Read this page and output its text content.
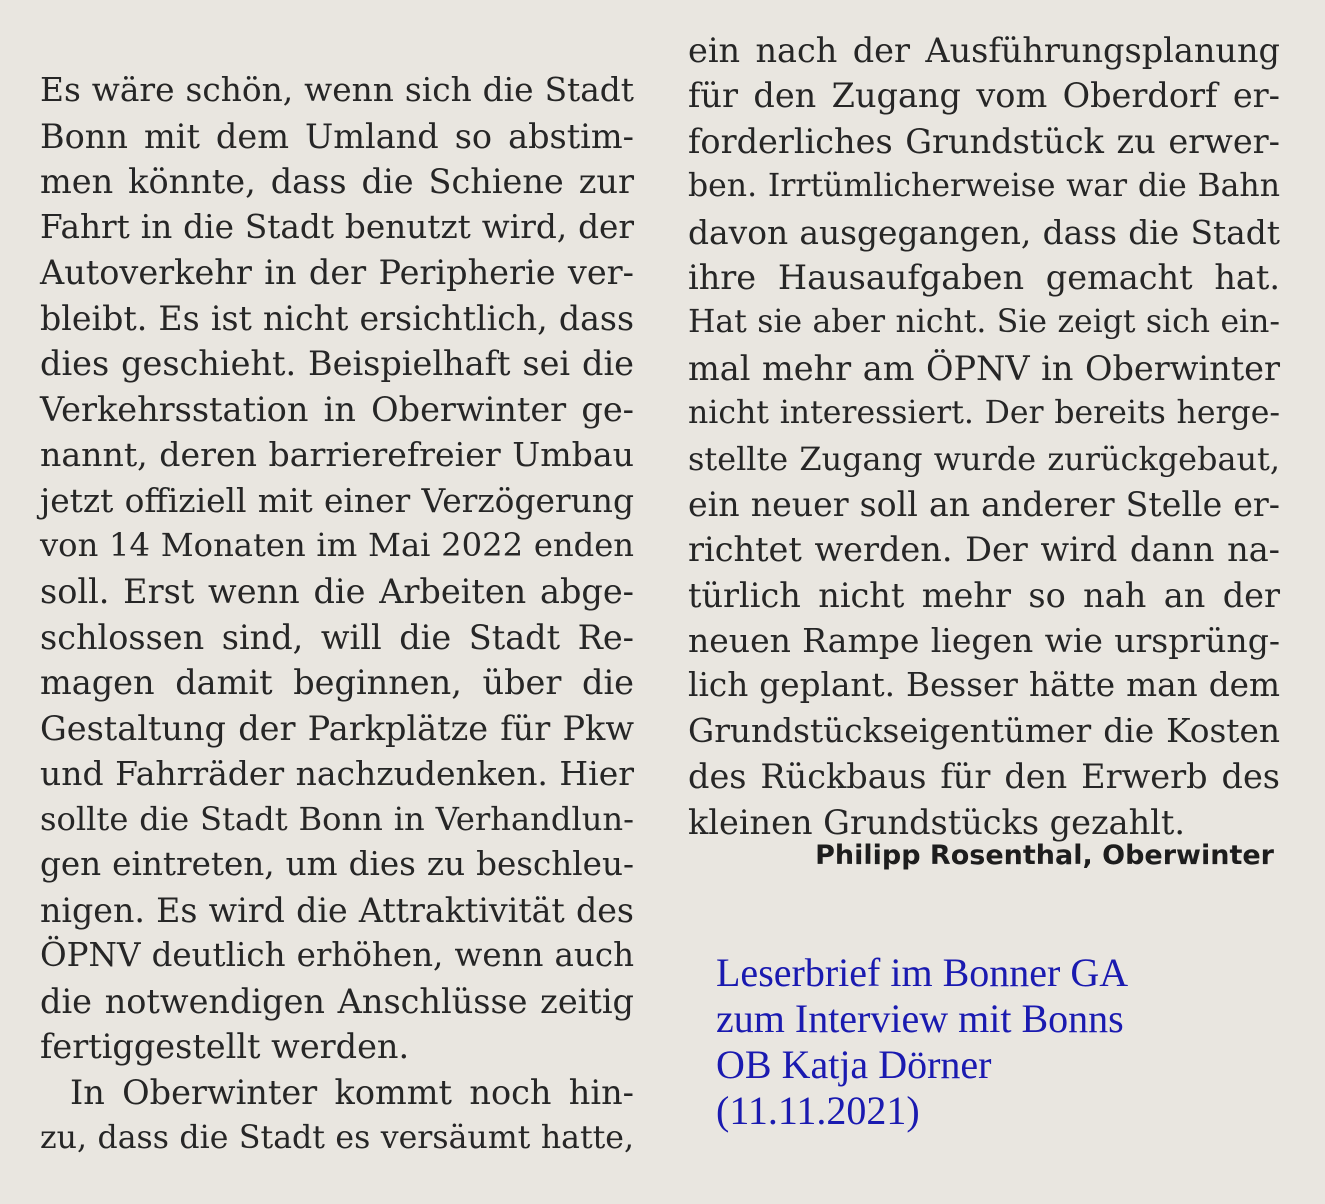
Es wäre schön, wenn sich die Stadt
Bonn mit dem Umland so abstim-
men könnte, dass die Schiene zur
Fahrt in die Stadt benutzt wird, der
Autoverkehr in der Peripherie ver-
bleibt. Es ist nicht ersichtlich, dass
dies geschieht. Beispielhaft sei die
Verkehrsstation in Oberwinter ge-
nannt, deren barrierefreier Umbau
jetzt offiziell mit einer Verzögerung
von 14 Monaten im Mai 2022 enden
soll. Erst wenn die Arbeiten abge-
schlossen sind, will die Stadt Re-
magen damit beginnen, über die
Gestaltung der Parkplätze für Pkw
und Fahrräder nachzudenken. Hier
sollte die Stadt Bonn in Verhandlun-
gen eintreten, um dies zu beschleu-
nigen. Es wird die Attraktivität des
ÖPNV deutlich erhöhen, wenn auch
die notwendigen Anschlüsse zeitig
fertiggestellt werden.
In Oberwinter kommt noch hin-
zu, dass die Stadt es versäumt hatte,
ein nach der Ausführungsplanung
für den Zugang vom Oberdorf er-
forderliches Grundstück zu erwer-
ben. Irrtümlicherweise war die Bahn
davon ausgegangen, dass die Stadt
ihre Hausaufgaben gemacht hat.
Hat sie aber nicht. Sie zeigt sich ein-
mal mehr am ÖPNV in Oberwinter
nicht interessiert. Der bereits herge-
stellte Zugang wurde zurückgebaut,
ein neuer soll an anderer Stelle er-
richtet werden. Der wird dann na-
türlich nicht mehr so nah an der
neuen Rampe liegen wie ursprüng-
lich geplant. Besser hätte man dem
Grundstückseigentümer die Kosten
des Rückbaus für den Erwerb des
kleinen Grundstücks gezahlt.
Philipp Rosenthal, Oberwinter
Leserbrief im Bonner GA
zum Interview mit Bonns
OB Katja Dörner
(11.11.2021)
